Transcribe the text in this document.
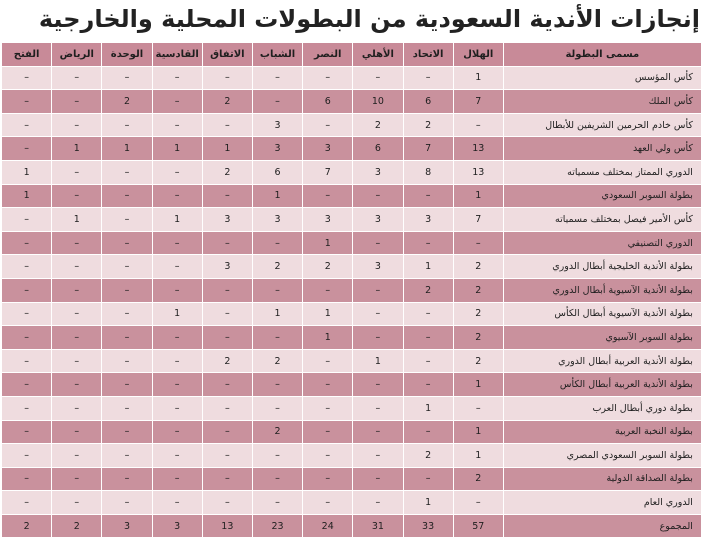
إنجازات الأندية السعودية من البطولات المحلية والخارجية
مسمى البطولة	الهلال	الاتحاد	الأهلي	النصر	الشباب	الاتفاق	القادسية	الوحدة	الرياض	الفتح
كأس المؤسس	1	–	–	–	–	–	–	–	–	–
كأس الملك	7	6	10	6	–	2	–	2	–	–
كأس خادم الحرمين الشريفين للأبطال	–	2	2	–	3	–	–	–	–	–
كأس ولي العهد	13	7	6	3	3	1	1	1	1	–
الدوري الممتاز بمختلف مسمياته	13	8	3	7	6	2	–	–	–	1
بطولة السوبر السعودي	1	–	–	–	1	–	–	–	–	1
كأس الأمير فيصل بمختلف مسمياته	7	3	3	3	3	3	1	–	1	–
الدوري التصنيفي	–	–	–	1	–	–	–	–	–	–
بطولة الأندية الخليجية أبطال الدوري	2	1	3	2	2	3	–	–	–	–
بطولة الأندية الآسيوية أبطال الدوري	2	2	–	–	–	–	–	–	–	–
بطولة الأندية الآسيوية أبطال الكأس	2	–	–	1	1	–	1	–	–	–
بطولة السوبر الآسيوي	2	–	–	1	–	–	–	–	–	–
بطولة الأندية العربية أبطال الدوري	2	–	1	–	2	2	–	–	–	–
بطولة الأندية العربية أبطال الكأس	1	–	–	–	–	–	–	–	–	–
بطولة دوري أبطال العرب	–	1	–	–	–	–	–	–	–	–
بطولة النخبة العربية	1	–	–	–	2	–	–	–	–	–
بطولة السوبر السعودي المصري	1	2	–	–	–	–	–	–	–	–
بطولة الصداقة الدولية	2	–	–	–	–	–	–	–	–	–
الدوري العام	–	1	–	–	–	–	–	–	–	–
المجموع	57	33	31	24	23	13	3	3	2	2
